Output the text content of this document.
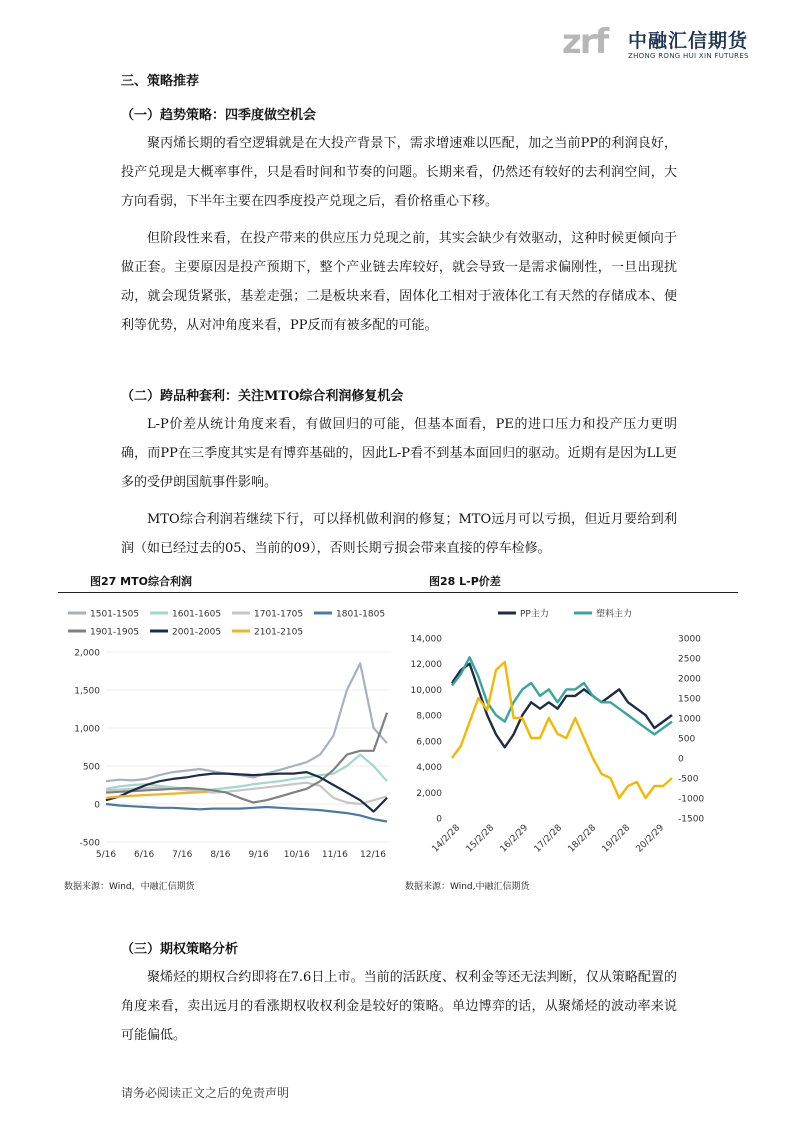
zrf 中融汇信期货
ZHONG RONG HUI XIN FUTURES
三、策略推荐
（一）趋势策略：四季度做空机会
聚丙烯长期的看空逻辑就是在大投产背景下，需求增速难以匹配，加之当前PP的利润良好，投产兑现是大概率事件，只是看时间和节奏的问题。长期来看，仍然还有较好的去利润空间，大方向看弱，下半年主要在四季度投产兑现之后，看价格重心下移。
但阶段性来看，在投产带来的供应压力兑现之前，其实会缺少有效驱动，这种时候更倾向于做正套。主要原因是投产预期下，整个产业链去库较好，就会导致一是需求偏刚性，一旦出现扰动，就会现货紧张，基差走强；二是板块来看，固体化工相对于液体化工有天然的存储成本、便利等优势，从对冲角度来看，PP反而有被多配的可能。
（二）跨品种套利：关注MTO综合利润修复机会
L-P价差从统计角度来看，有做回归的可能，但基本面看，PE的进口压力和投产压力更明确，而PP在三季度其实是有博弈基础的，因此L-P看不到基本面回归的驱动。近期有是因为LL更多的受伊朗国航事件影响。
MTO综合利润若继续下行，可以择机做利润的修复；MTO远月可以亏损，但近月要给到利润（如已经过去的05、当前的09），否则长期亏损会带来直接的停车检修。
图27 MTO综合利润	图28 L-P价差
1501-1505	1601-1605	1701-1705	1801-1805
1901-1905	2001-2005	2101-2105
2,000
1,500
1,000
500
0
-500
5/16 6/16 7/16 8/16 9/16 10/16 11/16 12/16
PP主力	塑料主力
14,000
12,000
10,000
8,000
6,000
4,000
2,000
0
3000
2500
2000
1500
1000
500
0
-500
-1000
-1500
14/2/28 15/2/28 16/2/29 17/2/28 18/2/28 19/2/28 20/2/29
数据来源：Wind，中融汇信期货	数据来源：Wind,中融汇信期货
（三）期权策略分析
聚烯烃的期权合约即将在7.6日上市。当前的活跃度、权利金等还无法判断，仅从策略配置的角度来看，卖出远月的看涨期权收权利金是较好的策略。单边博弈的话，从聚烯烃的波动率来说可能偏低。
请务必阅读正文之后的免责声明
